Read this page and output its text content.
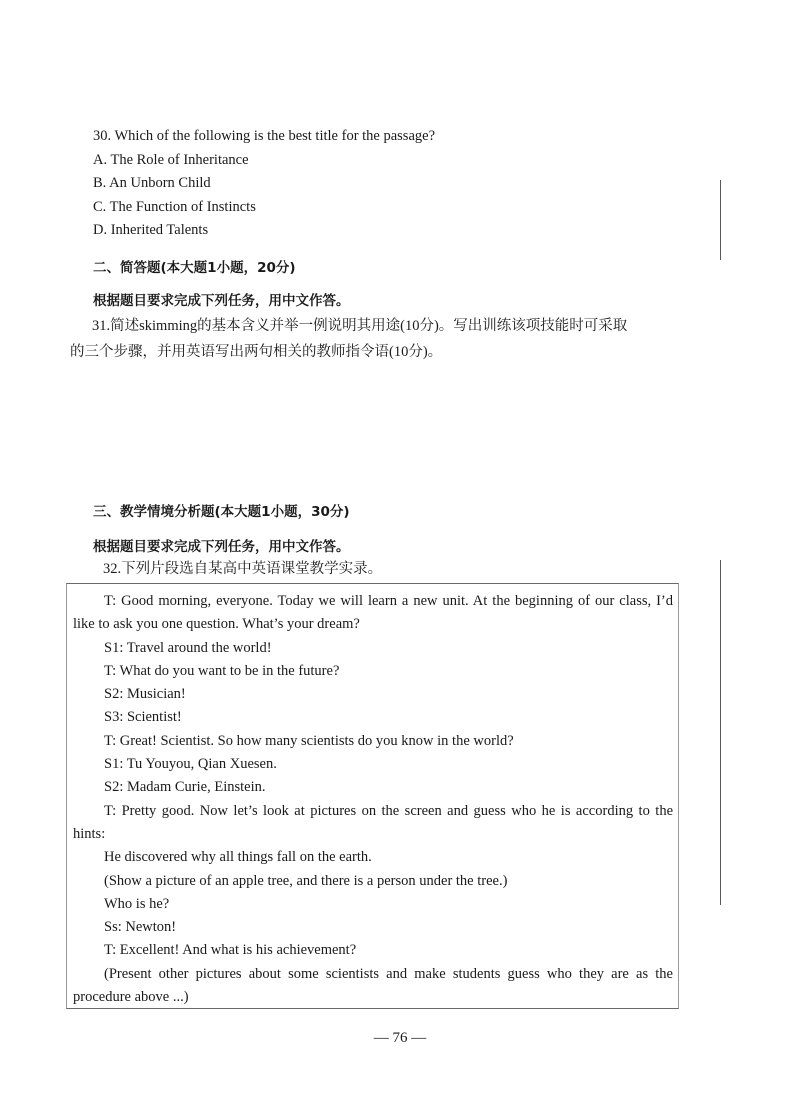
30. Which of the following is the best title for the passage?
A. The Role of Inheritance
B. An Unborn Child
C. The Function of Instincts
D. Inherited Talents
二、简答题(本大题1小题，20分)
根据题目要求完成下列任务，用中文作答。
31.简述skimming的基本含义并举一例说明其用途(10分)。写出训练该项技能时可采取
的三个步骤，并用英语写出两句相关的教师指令语(10分)。
三、教学情境分析题(本大题1小题，30分)
根据题目要求完成下列任务，用中文作答。
32.下列片段选自某高中英语课堂教学实录。
T: Good morning, everyone. Today we will learn a new unit. At the beginning of our class, I’d like to ask you one question. What’s your dream?
S1: Travel around the world!
T: What do you want to be in the future?
S2: Musician!
S3: Scientist!
T: Great! Scientist. So how many scientists do you know in the world?
S1: Tu Youyou, Qian Xuesen.
S2: Madam Curie, Einstein.
T: Pretty good. Now let’s look at pictures on the screen and guess who he is according to the hints:
He discovered why all things fall on the earth.
(Show a picture of an apple tree, and there is a person under the tree.)
Who is he?
Ss: Newton!
T: Excellent! And what is his achievement?
(Present other pictures about some scientists and make students guess who they are as the procedure above ...)
— 76 —
